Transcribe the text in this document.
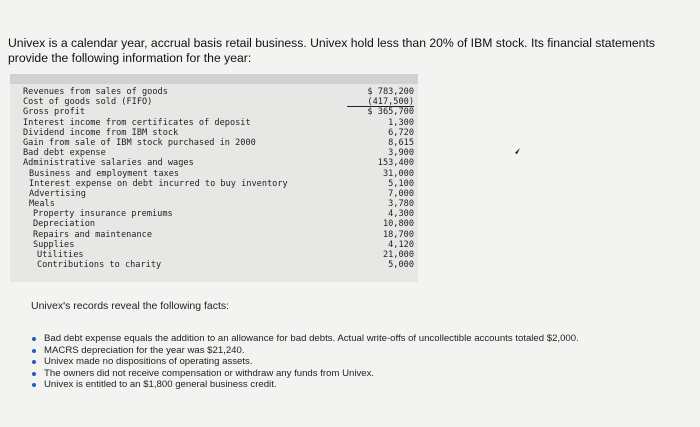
Univex is a calendar year, accrual basis retail business. Univex hold less than 20% of IBM stock. Its financial statements provide the following information for the year:
Revenues from sales of goods
Cost of goods sold (FIFO)
Gross profit
Interest income from certificates of deposit
Dividend income from IBM stock
Gain from sale of IBM stock purchased in 2000
Bad debt expense
Administrative salaries and wages
Business and employment taxes
Interest expense on debt incurred to buy inventory
Advertising
Meals
Property insurance premiums
Depreciation
Repairs and maintenance
Supplies
Utilities
Contributions to charity
$ 783,200
(417,500)
$ 365,700
1,300
6,720
8,615
3,900
153,400
31,000
5,100
7,000
3,780
4,300
10,800
18,700
4,120
21,000
5,000
Univex's records reveal the following facts:
Bad debt expense equals the addition to an allowance for bad debts. Actual write-offs of uncollectible accounts totaled $2,000.
MACRS depreciation for the year was $21,240.
Univex made no dispositions of operating assets.
The owners did not receive compensation or withdraw any funds from Univex.
Univex is entitled to an $1,800 general business credit.
